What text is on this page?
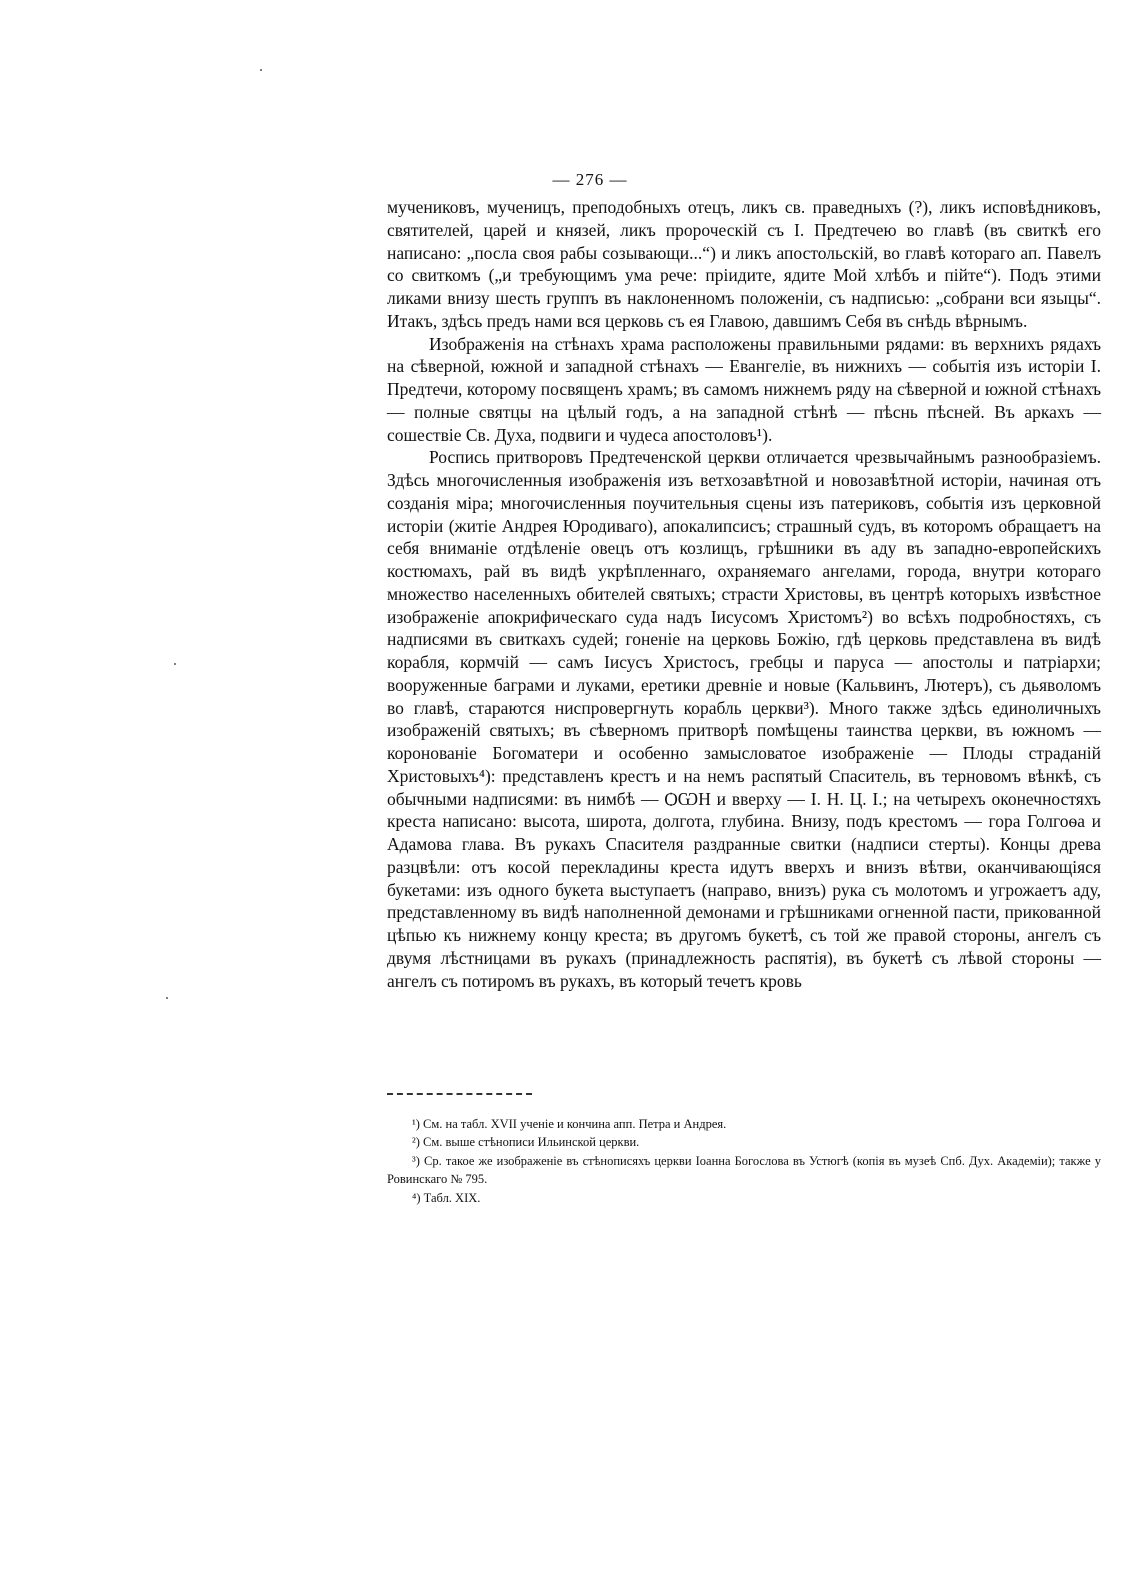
— 276 —

мучениковъ, мученицъ, преподобныхъ отецъ, ликъ св. праведныхъ (?), ликъ исповѣдниковъ, святителей, царей и князей, ликъ пророческій съ І. Предтечею во главѣ (въ свиткѣ его написано: „посла своя рабы созывающи...“) и ликъ апостольскій, во главѣ котораго ап. Павелъ со свиткомъ („и требующимъ ума рече: пріидите, ядите Мой хлѣбъ и пійте“). Подъ этими ликами внизу шесть группъ въ наклоненномъ положеніи, съ надписью: „собрани вси языцы“. Итакъ, здѣсь предъ нами вся церковь съ ея Главою, давшимъ Себя въ снѣдь вѣрнымъ.

Изображенія на стѣнахъ храма расположены правильными рядами: въ верхнихъ рядахъ на сѣверной, южной и западной стѣнахъ — Евангеліе, въ нижнихъ — событія изъ исторіи І. Предтечи, которому посвященъ храмъ; въ самомъ нижнемъ ряду на сѣверной и южной стѣнахъ — полные святцы на цѣлый годъ, а на западной стѣнѣ — пѣснь пѣсней. Въ аркахъ — сошествіе Св. Духа, подвиги и чудеса апостоловъ¹).

Роспись притворовъ Предтеченской церкви отличается чрезвычайнымъ разнообразіемъ. Здѣсь многочисленныя изображенія изъ ветхозавѣтной и новозавѣтной исторіи, начиная отъ созданія міра; многочисленныя поучительныя сцены изъ патериковъ, событія изъ церковной исторіи (житіе Андрея Юродиваго), апокалипсисъ; страшный судъ, въ которомъ обращаетъ на себя вниманіе отдѣленіе овецъ отъ козлищъ, грѣшники въ аду въ западно-европейскихъ костюмахъ, рай въ видѣ укрѣпленнаго, охраняемаго ангелами, города, внутри котораго множество населенныхъ обителей святыхъ; страсти Христовы, въ центрѣ которыхъ извѣстное изображеніе апокрифическаго суда надъ Іисусомъ Христомъ²) во всѣхъ подробностяхъ, съ надписями въ свиткахъ судей; гоненіе на церковь Божію, гдѣ церковь представлена въ видѣ корабля, кормчій — самъ Іисусъ Христосъ, гребцы и паруса — апостолы и патріархи; вооруженные баграми и луками, еретики древніе и новые (Кальвинъ, Лютеръ), съ дьяволомъ во главѣ, стараются ниспровергнуть корабль церкви³). Много также здѣсь единоличныхъ изображеній святыхъ; въ сѣверномъ притворѣ помѣщены таинства церкви, въ южномъ — коронованіе Богоматери и особенно замысловатое изображеніе — Плоды страданій Христовыхъ⁴): представленъ крестъ и на немъ распятый Спаситель, въ терновомъ вѣнкѣ, съ обычными надписями: въ нимбѣ — ѺѠН и вверху — І. Н. Ц. І.; на четырехъ оконечностяхъ креста написано: высота, широта, долгота, глубина. Внизу, подъ крестомъ — гора Голгоѳа и Адамова глава. Въ рукахъ Спасителя раздранные свитки (надписи стерты). Концы древа разцвѣли: отъ косой перекладины креста идутъ вверхъ и внизъ вѣтви, оканчивающіяся букетами: изъ одного букета выступаетъ (направо, внизъ) рука съ молотомъ и угрожаетъ аду, представленному въ видѣ наполненной демонами и грѣшниками огненной пасти, прикованной цѣпью къ нижнему концу креста; въ другомъ букетѣ, съ той же правой стороны, ангелъ съ двумя лѣстницами въ рукахъ (принадлежность распятія), въ букетѣ съ лѣвой стороны — ангелъ съ потиромъ въ рукахъ, въ который течетъ кровь

¹) См. на табл. XVII ученіе и кончина апп. Петра и Андрея.

²) См. выше стѣнописи Ильинской церкви.

³) Ср. такое же изображеніе въ стѣнописяхъ церкви Іоанна Богослова въ Устюгѣ (копія въ музеѣ Спб. Дух. Академіи); также у Ровинскаго № 795.

⁴) Табл. XIX.
